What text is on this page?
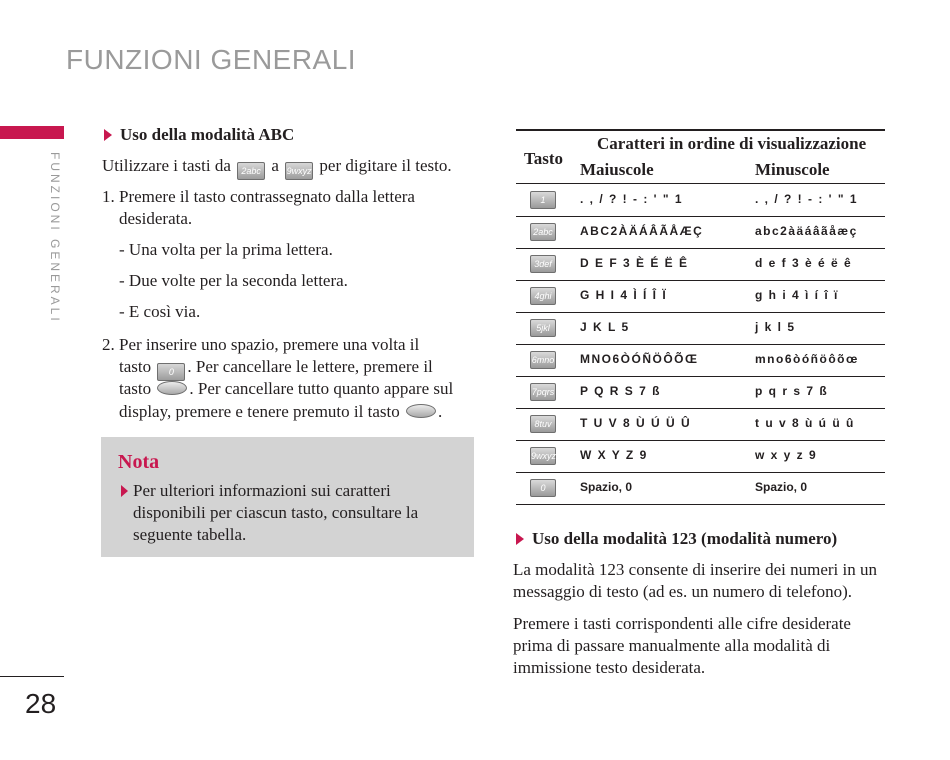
FUNZIONI GENERALI
FUNZIONI GENERALI
28
Uso della modalità ABC
Utilizzare i tasti da 2abc a 9wxyz per digitare il testo.
1. Premere il tasto contrassegnato dalla lettera
desiderata.
- Una volta per la prima lettera.
- Due volte per la seconda lettera.
- E così via.
2. Per inserire uno spazio, premere una volta il
tasto 0 . Per cancellare le lettere, premere il
tasto . Per cancellare tutto quanto appare sul
display, premere e tenere premuto il tasto .
Nota
Per ulteriori informazioni sui caratteri
disponibili per ciascun tasto, consultare la
seguente tabella.
Tasto
Caratteri in ordine di visualizzazione
Maiuscole	Minuscole
1	. , / ? ! - : ' " 1	. , / ? ! - : ' " 1
2abc ABC2ÀÄÁÂÃÅÆÇ	abc2àäáâãåæç
3def	D E F 3 È É Ë Ê	d e f 3 è é ë ê
4ghi	G H I 4 Ì Í Î Ï	g h i 4 ì í î ï
5jkl	J K L 5	j k l 5
6mno MNO6ÒÓÑÖÔÕŒ	mno6òóñöôõœ
7pqrs P Q R S 7 ß	p q r s 7 ß
8tuv	T U V 8 Ù Ú Ü Û	t u v 8 ù ú ü û
9wxyz W X Y Z 9	w x y z 9
0	Spazio, 0	Spazio, 0
Uso della modalità 123 (modalità numero)
La modalità 123 consente di inserire dei numeri in un
messaggio di testo (ad es. un numero di telefono).
Premere i tasti corrispondenti alle cifre desiderate
prima di passare manualmente alla modalità di
immissione testo desiderata.
